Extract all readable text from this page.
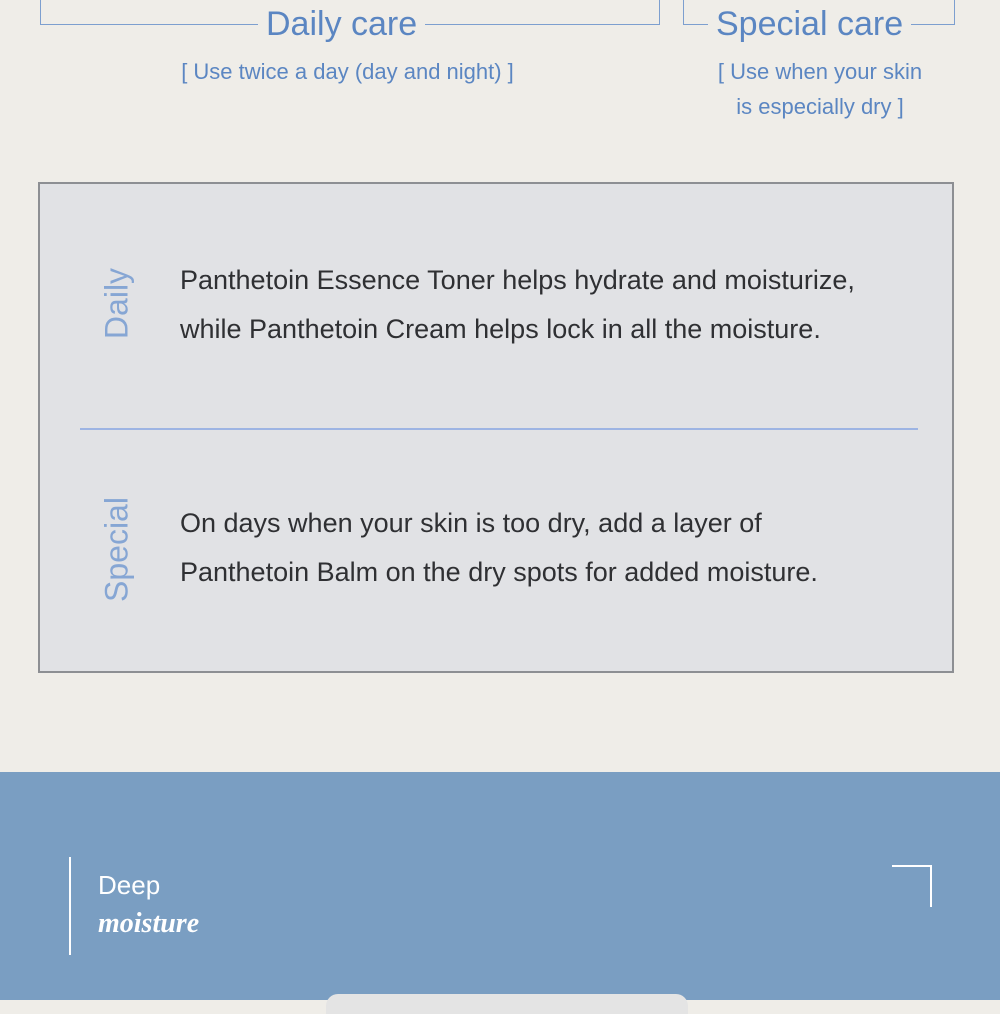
Daily care
[ Use twice a day (day and night) ]
Special care
[ Use when your skin
is especially dry ]
Daily Panthetoin Essence Toner helps hydrate and moisturize,
while Panthetoin Cream helps lock in all the moisture.
Special On days when your skin is too dry, add a layer of
Panthetoin Balm on the dry spots for added moisture.
Deep
moisture
